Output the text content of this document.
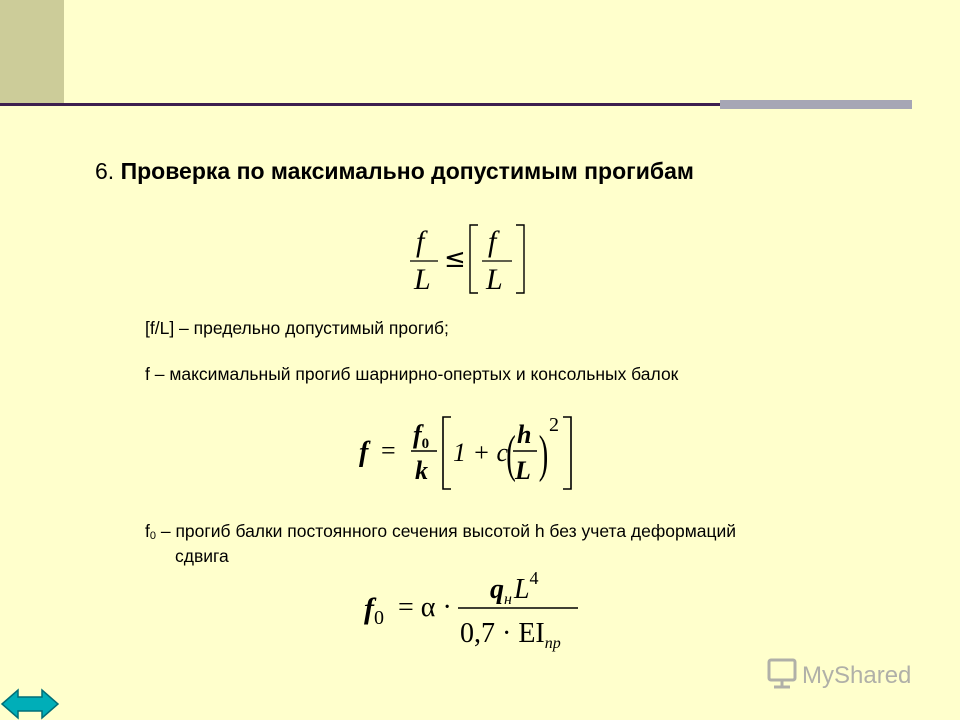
6. Проверка по максимально допустимым прогибам
f
L
≤
f
L
[f/L] – предельно допустимый прогиб;
f – максимальный прогиб шарнирно-опертых и консольных балок
f =
f0
k
1 + c
( h
L )
2
f0 – прогиб балки постоянного сечения высотой h без учета деформаций
сдвига
$f_0 = \alpha$ ·
$q_нL^4$
$0,7 \cdot EI_{пр}$
MyShared
